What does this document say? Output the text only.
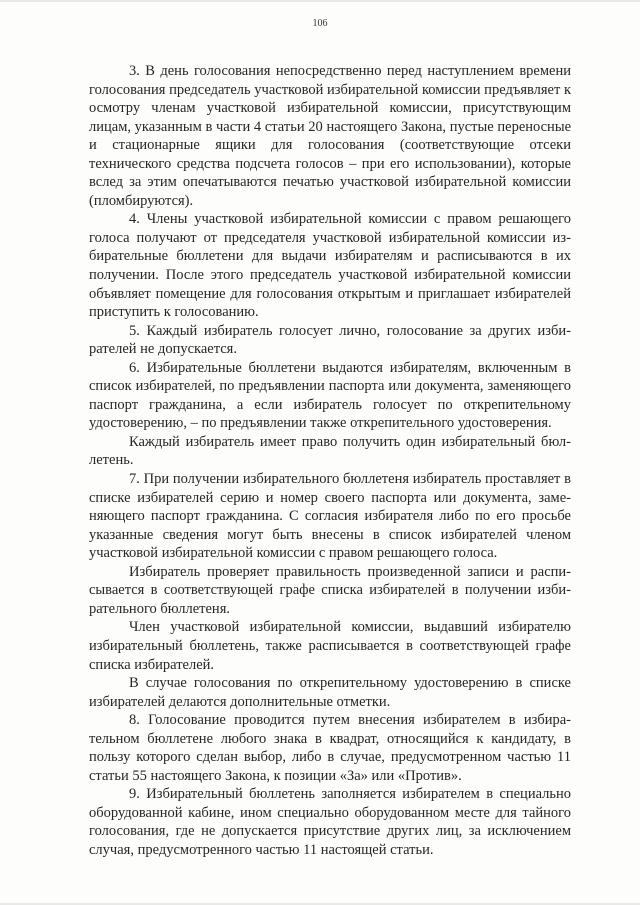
106

3. В день голосования непосредственно перед наступлением времени голосования председатель участковой избирательной комиссии предъявляет к осмотру членам участковой избирательной комиссии, присутствующим лицам, указанным в части 4 статьи 20 настоящего Закона, пустые переносные и стационарные ящики для голосования (соответствующие отсеки технического средства подсчета голосов – при его использовании), которые вслед за этим опечатываются печатью участковой избирательной комиссии (пломбируются).

4. Члены участковой избирательной комиссии с правом решающего голоса получают от председателя участковой избирательной комиссии избирательные бюллетени для выдачи избирателям и расписываются в их получении. После этого председатель участковой избирательной комиссии объявляет помещение для голосования открытым и приглашает избирателей приступить к голосованию.

5. Каждый избиратель голосует лично, голосование за других избирателей не допускается.

6. Избирательные бюллетени выдаются избирателям, включенным в список избирателей, по предъявлении паспорта или документа, заменяющего паспорт гражданина, а если избиратель голосует по открепительному удостоверению, – по предъявлении также открепительного удостоверения.

Каждый избиратель имеет право получить один избирательный бюллетень.

7. При получении избирательного бюллетеня избиратель проставляет в списке избирателей серию и номер своего паспорта или документа, заменяющего паспорт гражданина. С согласия избирателя либо по его просьбе указанные сведения могут быть внесены в список избирателей членом участковой избирательной комиссии с правом решающего голоса.

Избиратель проверяет правильность произведенной записи и расписывается в соответствующей графе списка избирателей в получении избирательного бюллетеня.

Член участковой избирательной комиссии, выдавший избирателю избирательный бюллетень, также расписывается в соответствующей графе списка избирателей.

В случае голосования по открепительному удостоверению в списке избирателей делаются дополнительные отметки.

8. Голосование проводится путем внесения избирателем в избирательном бюллетене любого знака в квадрат, относящийся к кандидату, в пользу которого сделан выбор, либо в случае, предусмотренном частью 11 статьи 55 настоящего Закона, к позиции «За» или «Против».

9. Избирательный бюллетень заполняется избирателем в специально оборудованной кабине, ином специально оборудованном месте для тайного голосования, где не допускается присутствие других лиц, за исключением случая, предусмотренного частью 11 настоящей статьи.
